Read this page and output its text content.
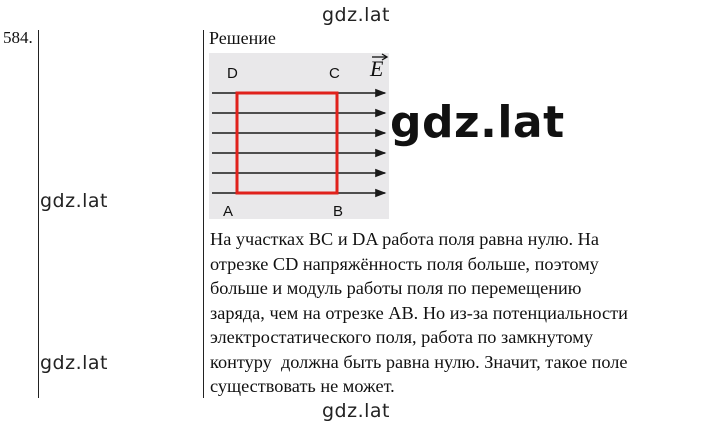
gdz.lat
gdz.lat
gdz.lat
gdz.lat
gdz.lat
584.	Решение
D	C
A	B
E
На участках ВС и DA работа поля равна нулю. На
отрезке CD напряжённость поля больше, поэтому
больше и модуль работы поля по перемещению
заряда, чем на отрезке АВ. Но из-за потенциальности
электростатического поля, работа по замкнутому
контуру  должна быть равна нулю. Значит, такое поле
существовать не может.
